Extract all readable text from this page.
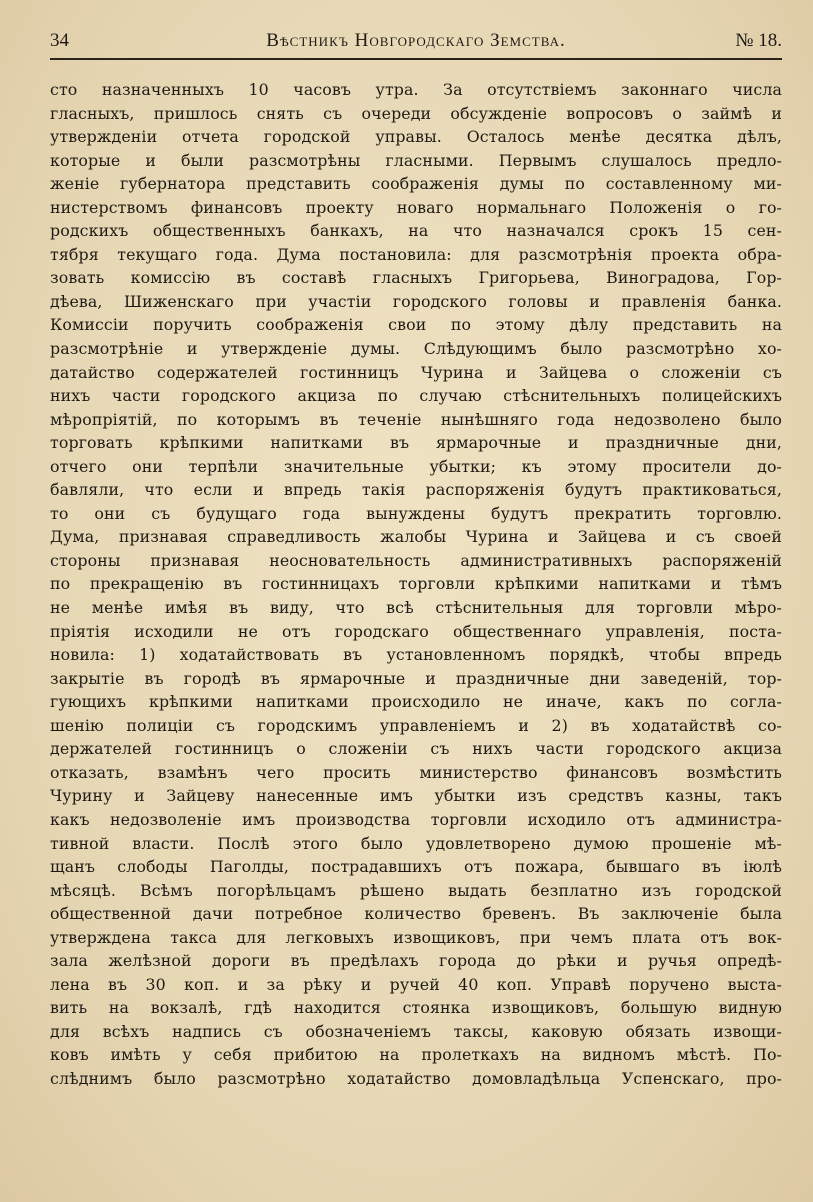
34	Вѣстникъ Новгородскаго Земства.	№ 18.
сто назначенныхъ 10 часовъ утра. За отсутствіемъ законнаго числа
гласныхъ, пришлось снять съ очереди обсужденіе вопросовъ о займѣ и
утвержденіи отчета городской управы. Осталось менѣе десятка дѣлъ,
которые и были разсмотрѣны гласными. Первымъ слушалось предло-
женіе губернатора представить соображенія думы по составленному ми-
нистерствомъ финансовъ проекту новаго нормальнаго Положенія о го-
родскихъ общественныхъ банкахъ, на что назначался срокъ 15 сен-
тября текущаго года. Дума постановила: для разсмотрѣнія проекта обра-
зовать комиссію въ составѣ гласныхъ Григорьева, Виноградова, Гор-
дѣева, Шиженскаго при участіи городского головы и правленія банка.
Комиссіи поручить соображенія свои по этому дѣлу представить на
разсмотрѣніе и утвержденіе думы. Слѣдующимъ было разсмотрѣно хо-
датайство содержателей гостинницъ Чурина и Зайцева о сложеніи съ
нихъ части городского акциза по случаю стѣснительныхъ полицейскихъ
мѣропріятій, по которымъ въ теченіе нынѣшняго года недозволено было
торговать крѣпкими напитками въ ярмарочные и праздничные дни,
отчего они терпѣли значительные убытки; къ этому просители до-
бавляли, что если и впредь такія распоряженія будутъ практиковаться,
то они съ будущаго года вынуждены будутъ прекратить торговлю.
Дума, признавая справедливость жалобы Чурина и Зайцева и съ своей
стороны признавая неосновательность административныхъ распоряженій
по прекращенію въ гостинницахъ торговли крѣпкими напитками и тѣмъ
не менѣе имѣя въ виду, что всѣ стѣснительныя для торговли мѣро-
пріятія исходили не отъ городскаго общественнаго управленія, поста-
новила: 1) ходатайствовать въ установленномъ порядкѣ, чтобы впредь
закрытіе въ городѣ въ ярмарочные и праздничные дни заведеній, тор-
гующихъ крѣпкими напитками происходило не иначе, какъ по согла-
шенію полиціи съ городскимъ управленіемъ и 2) въ ходатайствѣ со-
держателей гостинницъ о сложеніи съ нихъ части городского акциза
отказать, взамѣнъ чего просить министерство финансовъ возмѣстить
Чурину и Зайцеву нанесенные имъ убытки изъ средствъ казны, такъ
какъ недозволеніе имъ производства торговли исходило отъ администра-
тивной власти. Послѣ этого было удовлетворено думою прошеніе мѣ-
щанъ слободы Паголды, пострадавшихъ отъ пожара, бывшаго въ іюлѣ
мѣсяцѣ. Всѣмъ погорѣльцамъ рѣшено выдать безплатно изъ городской
общественной дачи потребное количество бревенъ. Въ заключеніе была
утверждена такса для легковыхъ извощиковъ, при чемъ плата отъ вок-
зала желѣзной дороги въ предѣлахъ города до рѣки и ручья опредѣ-
лена въ 30 коп. и за рѣку и ручей 40 коп. Управѣ поручено выста-
вить на вокзалѣ, гдѣ находится стоянка извощиковъ, большую видную
для всѣхъ надпись съ обозначеніемъ таксы, каковую обязать извощи-
ковъ имѣть у себя прибитою на пролеткахъ на видномъ мѣстѣ. По-
слѣднимъ было разсмотрѣно ходатайство домовладѣльца Успенскаго, про-
